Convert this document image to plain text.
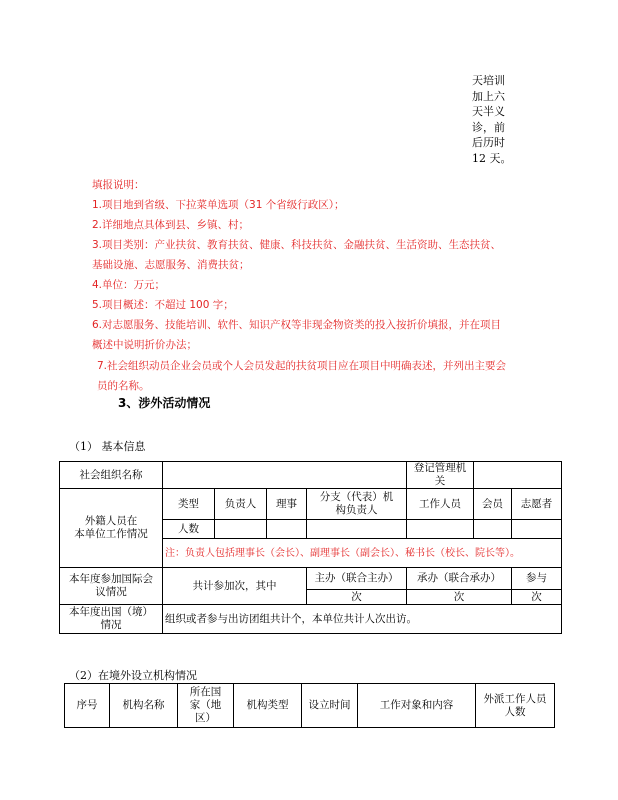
天培训
加上六
天半义
诊，前
后历时
12 天。
填报说明：
1.项目地到省级、下拉菜单选项（31 个省级行政区）；
2.详细地点具体到县、乡镇、村；
3.项目类别：产业扶贫、教育扶贫、健康、科技扶贫、金融扶贫、生活资助、生态扶贫、
基础设施、志愿服务、消费扶贫；
4.单位：万元；
5.项目概述：不超过 100 字；
6.对志愿服务、技能培训、软件、知识产权等非现金物资类的投入按折价填报，并在项目
概述中说明折价办法；
7.社会组织动员企业会员或个人会员发起的扶贫项目应在项目中明确表述，并列出主要会
员的名称。
3、涉外活动情况
（1） 基本信息
社会组织名称					登记管理机关		
外籍人员在
本单位工作情况	类型	负责人	理事	分支（代表）机
构负责人	工作人员	会员	志愿者
	人数						
	注：负责人包括理事长（会长）、副理事长（副会长）、秘书长（校长、院长等）。						
本年度参加国际会
议情况	共计参加次，其中			主办（联合主办）	承办（联合承办）		参与
				次	次		次
本年度出国（境）
情况	组织或者参与出访团组共计个，本单位共计人次出访。						
（2）在境外设立机构情况
序号	机构名称	所在国
家（地
区）	机构类型	设立时间	工作对象和内容	外派工作人员
人数
